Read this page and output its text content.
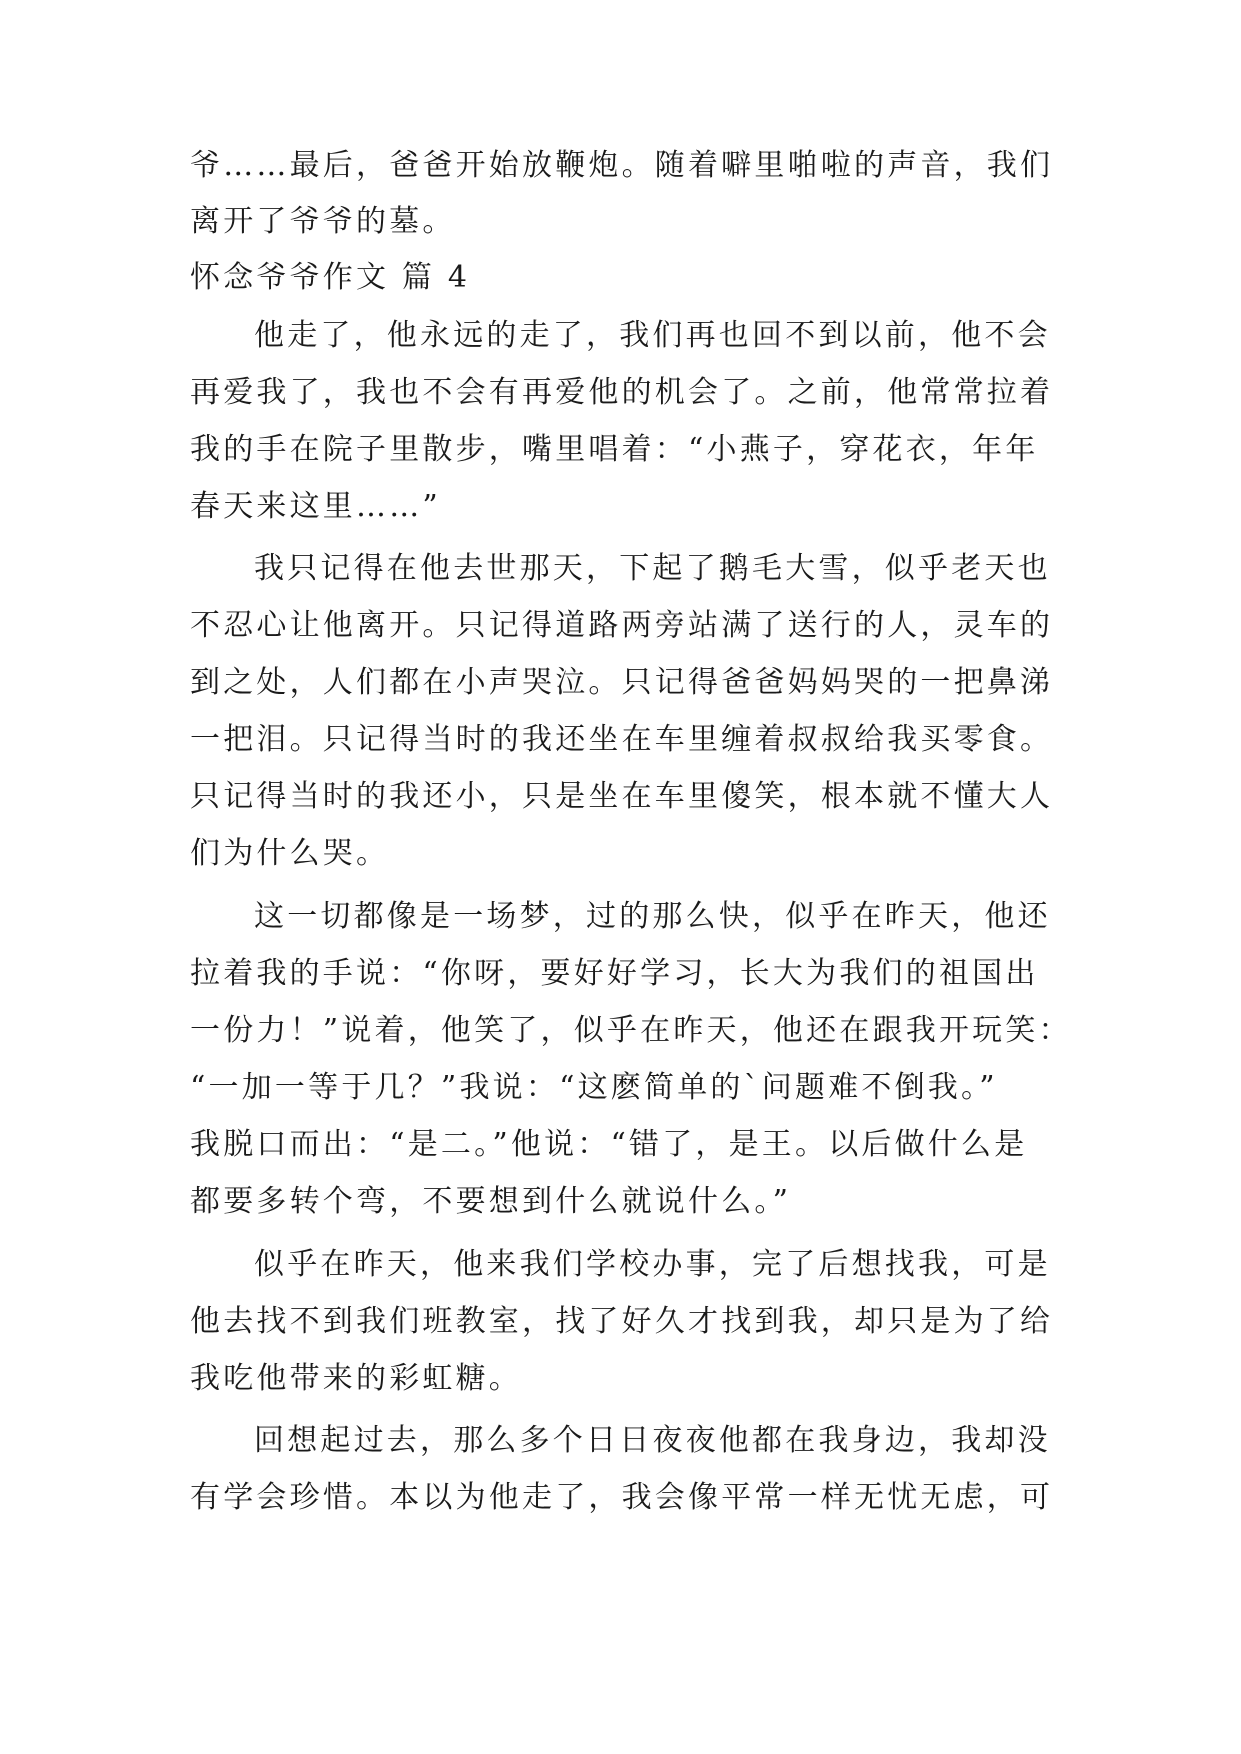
爷……最后，爸爸开始放鞭炮。随着噼里啪啦的声音，我们
离开了爷爷的墓。
怀念爷爷作文 篇 4
他走了，他永远的走了，我们再也回不到以前，他不会
再爱我了，我也不会有再爱他的机会了。之前，他常常拉着
我的手在院子里散步，嘴里唱着：“小燕子，穿花衣，年年
春天来这里……”
我只记得在他去世那天，下起了鹅毛大雪，似乎老天也
不忍心让他离开。只记得道路两旁站满了送行的人，灵车的
到之处，人们都在小声哭泣。只记得爸爸妈妈哭的一把鼻涕
一把泪。只记得当时的我还坐在车里缠着叔叔给我买零食。
只记得当时的我还小，只是坐在车里傻笑，根本就不懂大人
们为什么哭。
这一切都像是一场梦，过的那么快，似乎在昨天，他还
拉着我的手说：“你呀，要好好学习，长大为我们的祖国出
一份力！”说着，他笑了，似乎在昨天，他还在跟我开玩笑：
“一加一等于几？”我说：“这麽简单的`问题难不倒我。”
我脱口而出：“是二。”他说：“错了，是王。以后做什么是
都要多转个弯，不要想到什么就说什么。”
似乎在昨天，他来我们学校办事，完了后想找我，可是
他去找不到我们班教室，找了好久才找到我，却只是为了给
我吃他带来的彩虹糖。
回想起过去，那么多个日日夜夜他都在我身边，我却没
有学会珍惜。本以为他走了，我会像平常一样无忧无虑，可
